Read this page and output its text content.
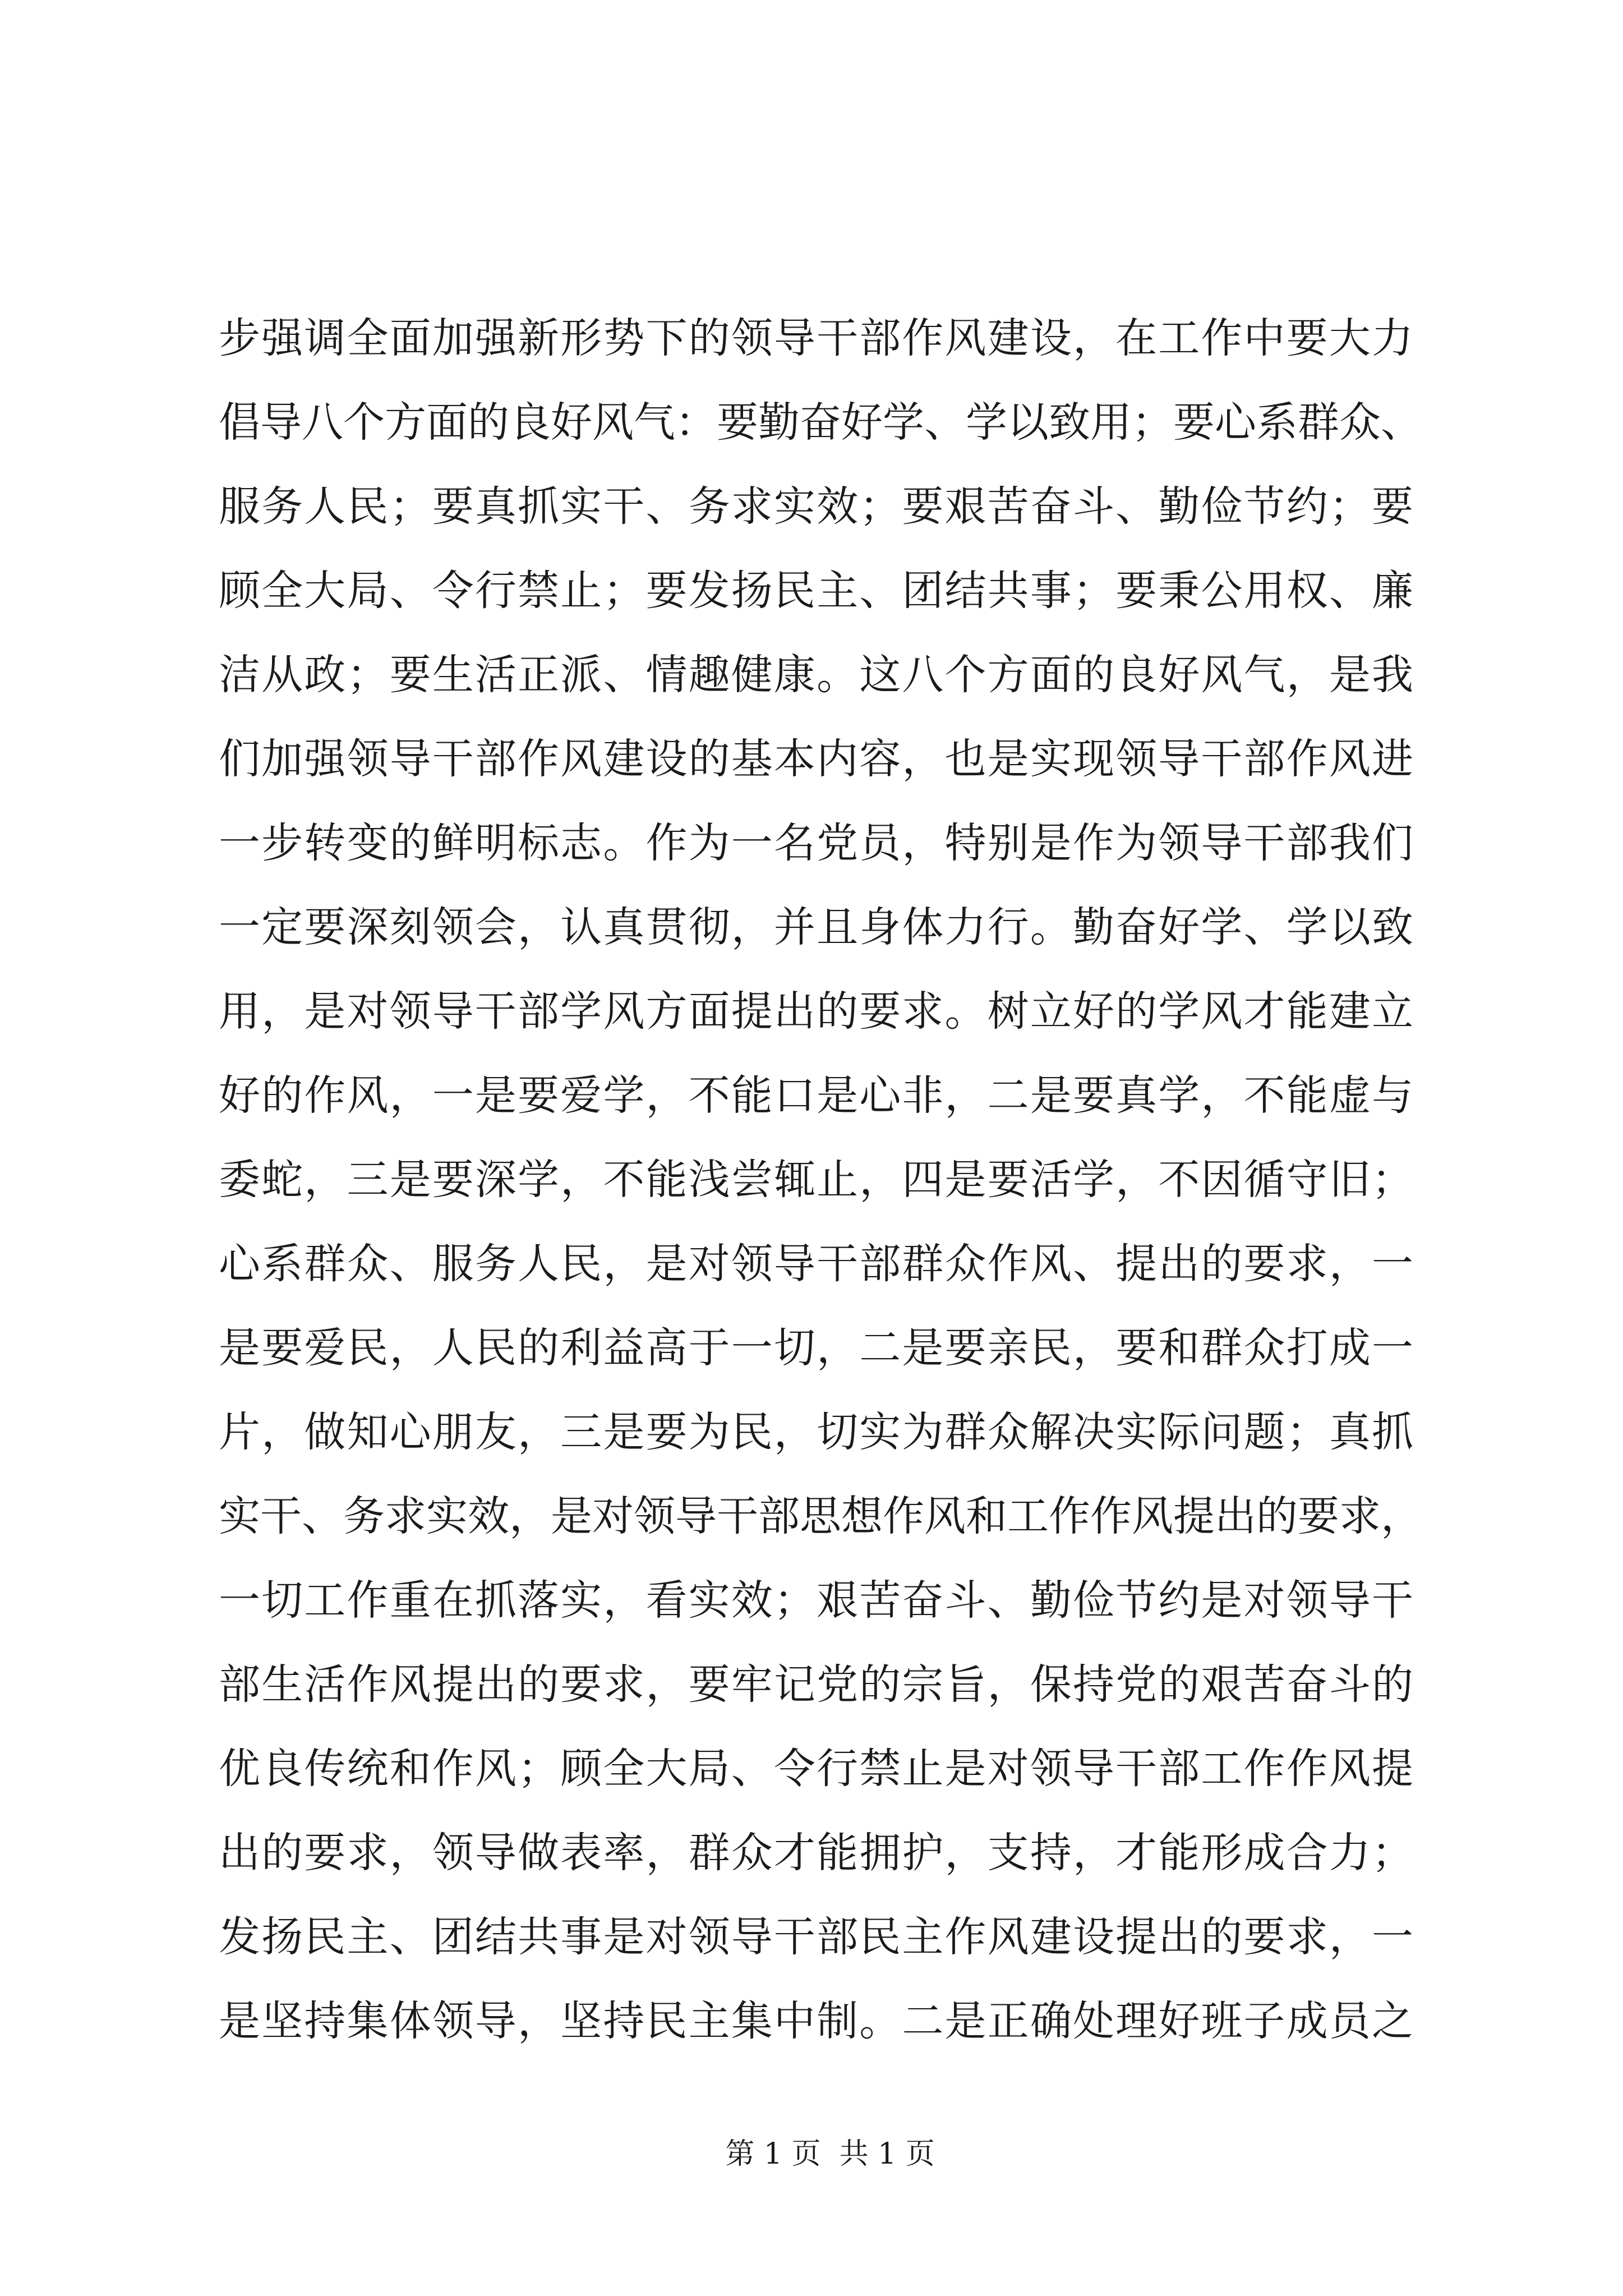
步强调全面加强新形势下的领导干部作风建设，在工作中要大力
倡导八个方面的良好风气：要勤奋好学、学以致用；要心系群众、
服务人民；要真抓实干、务求实效；要艰苦奋斗、勤俭节约；要
顾全大局、令行禁止；要发扬民主、团结共事；要秉公用权、廉
洁从政；要生活正派、情趣健康。这八个方面的良好风气，是我
们加强领导干部作风建设的基本内容，也是实现领导干部作风进
一步转变的鲜明标志。作为一名党员，特别是作为领导干部我们
一定要深刻领会，认真贯彻，并且身体力行。勤奋好学、学以致
用，是对领导干部学风方面提出的要求。树立好的学风才能建立
好的作风，一是要爱学，不能口是心非，二是要真学，不能虚与
委蛇，三是要深学，不能浅尝辄止，四是要活学，不因循守旧；
心系群众、服务人民，是对领导干部群众作风、提出的要求，一
是要爱民，人民的利益高于一切，二是要亲民，要和群众打成一
片，做知心朋友，三是要为民，切实为群众解决实际问题；真抓
实干、务求实效，是对领导干部思想作风和工作作风提出的要求，
一切工作重在抓落实，看实效；艰苦奋斗、勤俭节约是对领导干
部生活作风提出的要求，要牢记党的宗旨，保持党的艰苦奋斗的
优良传统和作风；顾全大局、令行禁止是对领导干部工作作风提
出的要求，领导做表率，群众才能拥护，支持，才能形成合力；
发扬民主、团结共事是对领导干部民主作风建设提出的要求，一
是坚持集体领导，坚持民主集中制。二是正确处理好班子成员之

第 1 页  共 1 页
